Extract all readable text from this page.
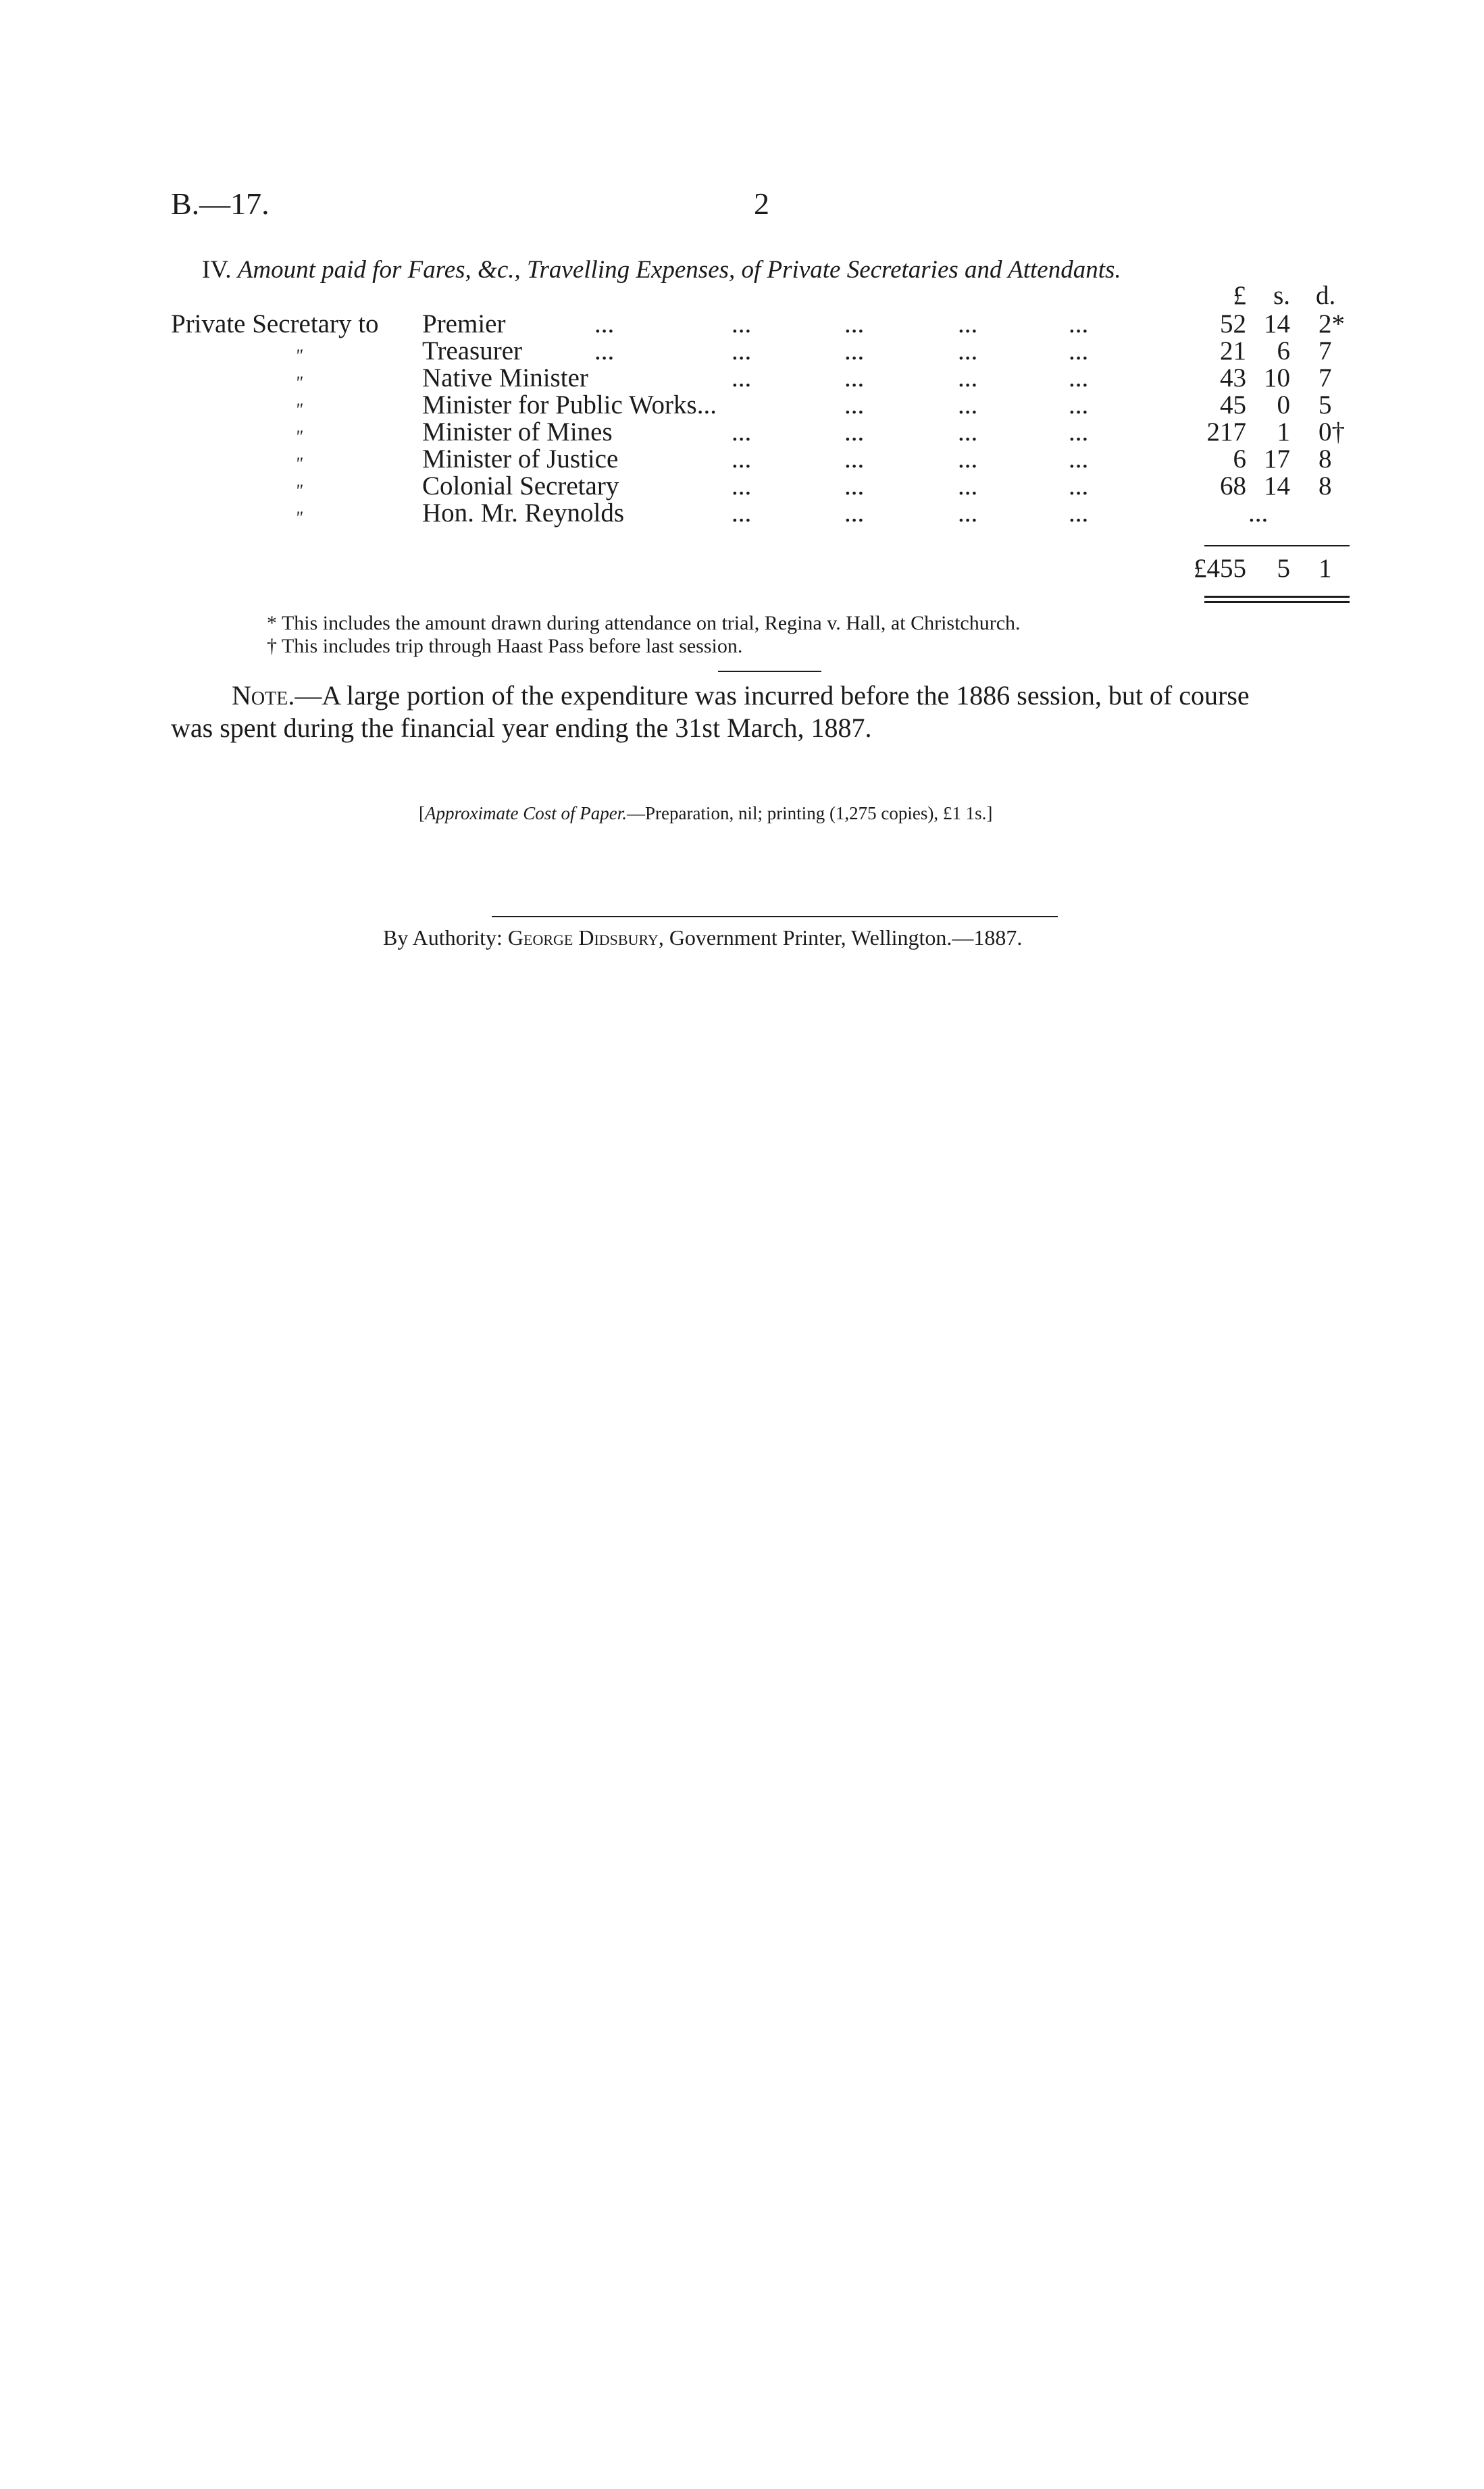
B.—17.	2
IV. Amount paid for Fares, &c., Travelling Expenses, of Private Secretaries and Attendants.
£	s. d.
Private Secretary to Premier	...	...	...	...	...	52 14 2*
"	Treasurer	...	...	...	...	...	21	6 7
"	Native Minister	...	...	...	...	43 10 7
"	Minister for Public Works...	...	...	...	45	0 5
"	Minister of Mines	...	...	...	...	217	1 0†
"	Minister of Justice	...	...	...	...	6 17 8
"	Colonial Secretary	...	...	...	...	68 14 8
"	Hon. Mr. Reynolds	...	...	...	...	...
£455	5 1
* This includes the amount drawn during attendance on trial, Regina v. Hall, at Christchurch.
† This includes trip through Haast Pass before last session.
Note.—A large portion of the expenditure was incurred before the 1886 session, but of course
was spent during the financial year ending the 31st March, 1887.
[Approximate Cost of Paper.—Preparation, nil; printing (1,275 copies), £1 1s.]
By Authority: George Didsbury, Government Printer, Wellington.—1887.
